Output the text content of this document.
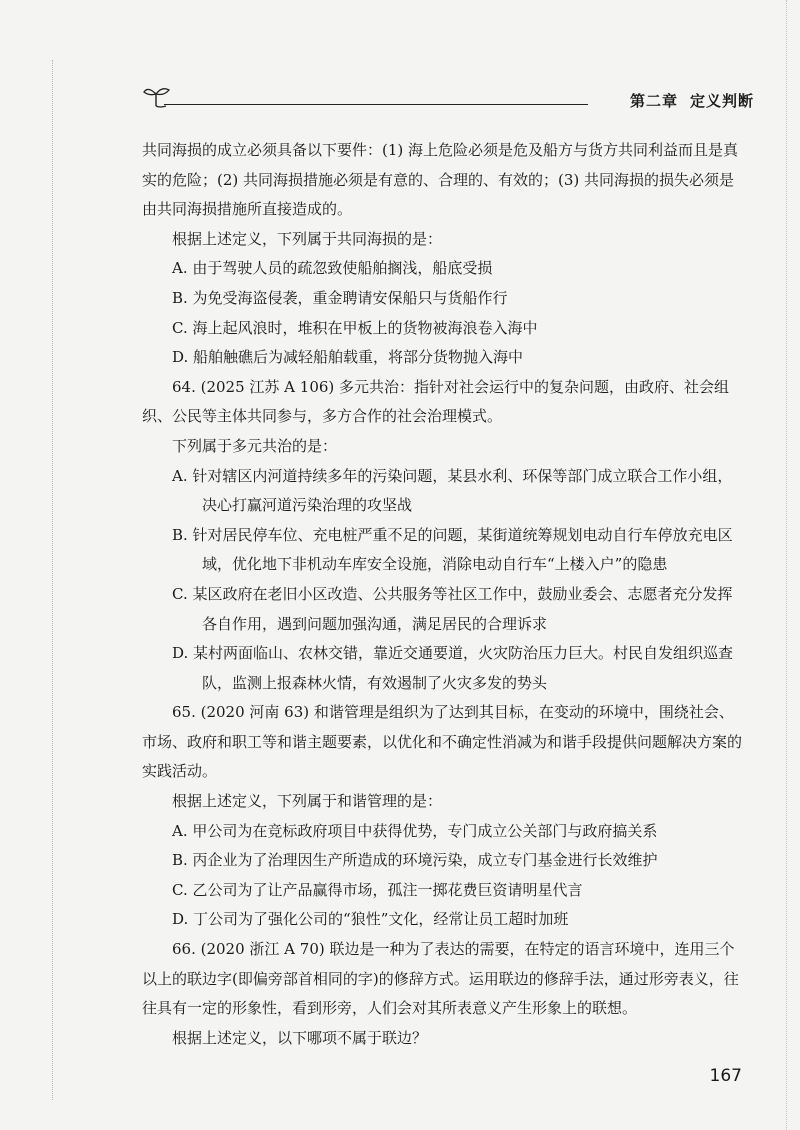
第二章 定义判断

共同海损的成立必须具备以下要件：(1) 海上危险必须是危及船方与货方共同利益而且是真实的危险；(2) 共同海损措施必须是有意的、合理的、有效的；(3) 共同海损的损失必须是由共同海损措施所直接造成的。

根据上述定义，下列属于共同海损的是：

A. 由于驾驶人员的疏忽致使船舶搁浅，船底受损

B. 为免受海盗侵袭，重金聘请安保船只与货船作行

C. 海上起风浪时，堆积在甲板上的货物被海浪卷入海中

D. 船舶触礁后为减轻船舶载重，将部分货物抛入海中

64. (2025 江苏 A 106) 多元共治：指针对社会运行中的复杂问题，由政府、社会组织、公民等主体共同参与，多方合作的社会治理模式。

下列属于多元共治的是：

A. 针对辖区内河道持续多年的污染问题，某县水利、环保等部门成立联合工作小组，决心打赢河道污染治理的攻坚战

B. 针对居民停车位、充电桩严重不足的问题，某街道统筹规划电动自行车停放充电区域，优化地下非机动车库安全设施，消除电动自行车“上楼入户”的隐患

C. 某区政府在老旧小区改造、公共服务等社区工作中，鼓励业委会、志愿者充分发挥各自作用，遇到问题加强沟通，满足居民的合理诉求

D. 某村两面临山、农林交错，靠近交通要道，火灾防治压力巨大。村民自发组织巡查队，监测上报森林火情，有效遏制了火灾多发的势头

65. (2020 河南 63) 和谐管理是组织为了达到其目标，在变动的环境中，围绕社会、市场、政府和职工等和谐主题要素，以优化和不确定性消减为和谐手段提供问题解决方案的实践活动。

根据上述定义，下列属于和谐管理的是：

A. 甲公司为在竞标政府项目中获得优势，专门成立公关部门与政府搞关系

B. 丙企业为了治理因生产所造成的环境污染，成立专门基金进行长效维护

C. 乙公司为了让产品赢得市场，孤注一掷花费巨资请明星代言

D. 丁公司为了强化公司的“狼性”文化，经常让员工超时加班

66. (2020 浙江 A 70) 联边是一种为了表达的需要，在特定的语言环境中，连用三个以上的联边字(即偏旁部首相同的字)的修辞方式。运用联边的修辞手法，通过形旁表义，往往具有一定的形象性，看到形旁，人们会对其所表意义产生形象上的联想。

根据上述定义，以下哪项不属于联边？

167
